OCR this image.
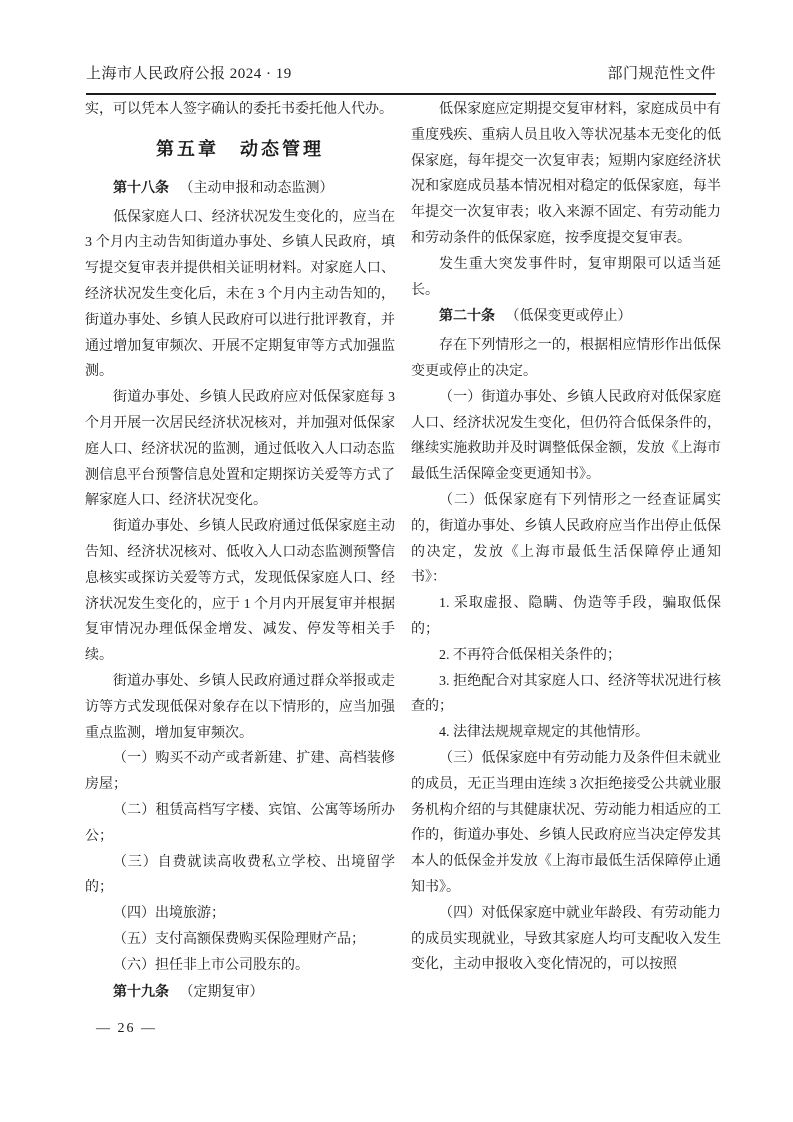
上海市人民政府公报 2024 · 19	部门规范性文件

实，可以凭本人签字确认的委托书委托他人代办。

第五章　动态管理

第十八条 （主动申报和动态监测）

低保家庭人口、经济状况发生变化的，应当在 3 个月内主动告知街道办事处、乡镇人民政府，填写提交复审表并提供相关证明材料。对家庭人口、经济状况发生变化后，未在 3 个月内主动告知的，街道办事处、乡镇人民政府可以进行批评教育，并通过增加复审频次、开展不定期复审等方式加强监测。

街道办事处、乡镇人民政府应对低保家庭每 3 个月开展一次居民经济状况核对，并加强对低保家庭人口、经济状况的监测，通过低收入人口动态监测信息平台预警信息处置和定期探访关爱等方式了解家庭人口、经济状况变化。

街道办事处、乡镇人民政府通过低保家庭主动告知、经济状况核对、低收入人口动态监测预警信息核实或探访关爱等方式，发现低保家庭人口、经济状况发生变化的，应于 1 个月内开展复审并根据复审情况办理低保金增发、减发、停发等相关手续。

街道办事处、乡镇人民政府通过群众举报或走访等方式发现低保对象存在以下情形的，应当加强重点监测，增加复审频次。

（一）购买不动产或者新建、扩建、高档装修房屋；

（二）租赁高档写字楼、宾馆、公寓等场所办公；

（三）自费就读高收费私立学校、出境留学的；

（四）出境旅游；

（五）支付高额保费购买保险理财产品；

（六）担任非上市公司股东的。

第十九条 （定期复审）

低保家庭应定期提交复审材料，家庭成员中有重度残疾、重病人员且收入等状况基本无变化的低保家庭，每年提交一次复审表；短期内家庭经济状况和家庭成员基本情况相对稳定的低保家庭，每半年提交一次复审表；收入来源不固定、有劳动能力和劳动条件的低保家庭，按季度提交复审表。

发生重大突发事件时，复审期限可以适当延长。

第二十条 （低保变更或停止）

存在下列情形之一的，根据相应情形作出低保变更或停止的决定。

（一）街道办事处、乡镇人民政府对低保家庭人口、经济状况发生变化，但仍符合低保条件的，继续实施救助并及时调整低保金额，发放《上海市最低生活保障金变更通知书》。

（二）低保家庭有下列情形之一经查证属实的，街道办事处、乡镇人民政府应当作出停止低保的决定，发放《上海市最低生活保障停止通知书》：

1. 采取虚报、隐瞒、伪造等手段，骗取低保的；

2. 不再符合低保相关条件的；

3. 拒绝配合对其家庭人口、经济等状况进行核查的；

4. 法律法规规章规定的其他情形。

（三）低保家庭中有劳动能力及条件但未就业的成员，无正当理由连续 3 次拒绝接受公共就业服务机构介绍的与其健康状况、劳动能力相适应的工作的，街道办事处、乡镇人民政府应当决定停发其本人的低保金并发放《上海市最低生活保障停止通知书》。

（四）对低保家庭中就业年龄段、有劳动能力的成员实现就业，导致其家庭人均可支配收入发生变化，主动申报收入变化情况的，可以按照

— 26 —
